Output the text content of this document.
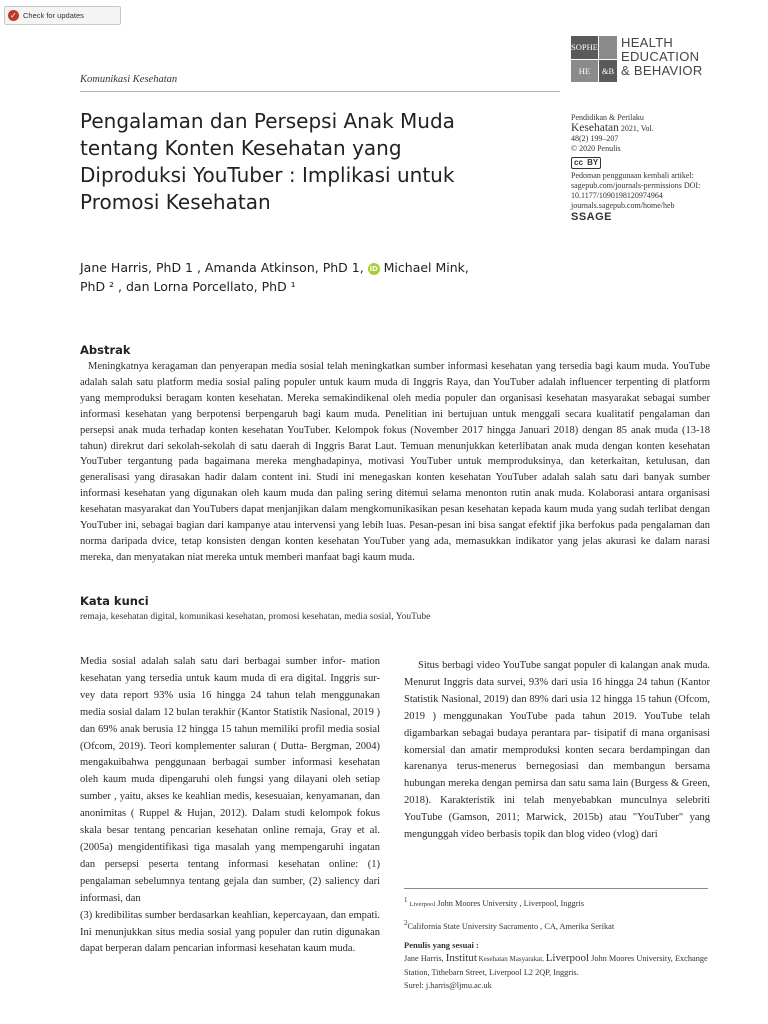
✓ Check for updates
Komunikasi Kesehatan
SOPHE
HE	&B
HEALTH
EDUCATION
& BEHAVIOR
Pengalaman dan Persepsi Anak Muda tentang Konten Kesehatan yang Diproduksi YouTuber : Implikasi untuk Promosi Kesehatan
Pendidikan & Perilaku
Kesehatan 2021, Vol.
48(2) 199–207
© 2020 Penulis
cc
BY
Pedoman penggunaan kembali artikel: sagepub.com/journals-permissions DOI: 10.1177/1090198120974964 journals.sagepub.com/home/heb
SSAGE
Jane Harris, PhD 1 , Amanda Atkinson, PhD 1, iD Michael Mink,
PhD ² , dan Lorna Porcellato, PhD ¹
Abstrak
Meningkatnya keragaman dan penyerapan media sosial telah meningkatkan sumber informasi kesehatan yang tersedia bagi kaum muda. YouTube adalah salah satu platform media sosial paling populer untuk kaum muda di Inggris Raya, dan YouTuber adalah influencer terpenting di platform yang memproduksi beragam konten kesehatan. Mereka semakindikenal oleh media populer dan organisasi kesehatan masyarakat sebagai sumber informasi kesehatan yang berpotensi berpengaruh bagi kaum muda. Penelitian ini bertujuan untuk menggali secara kualitatif pengalaman dan persepsi anak muda terhadap konten kesehatan YouTuber. Kelompok fokus (November 2017 hingga Januari 2018) dengan 85 anak muda (13-18 tahun) direkrut dari sekolah-sekolah di satu daerah di Inggris Barat Laut. Temuan menunjukkan keterlibatan anak muda dengan konten kesehatan YouTuber tergantung pada bagaimana mereka menghadapinya, motivasi YouTuber untuk memproduksinya, dan keterkaitan, ketulusan, dan generalisasi yang dirasakan hadir dalam content ini. Studi ini menegaskan konten kesehatan YouTuber adalah salah satu dari banyak sumber informasi kesehatan yang digunakan oleh kaum muda dan paling sering ditemui selama menonton rutin anak muda. Kolaborasi antara organisasi kesehatan masyarakat dan YouTubers dapat menjanjikan dalam mengkomunikasikan pesan kesehatan kepada kaum muda yang sudah terlibat dengan YouTuber ini, sebagai bagian dari kampanye atau intervensi yang lebih luas. Pesan-pesan ini bisa sangat efektif jika berfokus pada pengalaman dan norma daripada dvice, tetap konsisten dengan konten kesehatan YouTuber yang ada, memasukkan indikator yang jelas akurasi ke dalam narasi mereka, dan menyatakan niat mereka untuk memberi manfaat bagi kaum muda.
Kata kunci
remaja, kesehatan digital, komunikasi kesehatan, promosi kesehatan, media sosial, YouTube

Media sosial adalah salah satu dari berbagai sumber infor- mation kesehatan yang tersedia untuk kaum muda di era digital. Inggris sur- vey data report 93% usia 16 hingga 24 tahun telah menggunakan media sosial dalam 12 bulan terakhir (Kantor Statistik Nasional, 2019 ) dan 69% anak berusia 12 hingga 15 tahun memiliki profil media sosial (Ofcom, 2019). Teori komplementer saluran ( Dutta- Bergman, 2004) mengakuibahwa penggunaan berbagai sumber informasi kesehatan oleh kaum muda dipengaruhi oleh fungsi yang dilayani oleh setiap sumber , yaitu, akses ke keahlian medis, kesesuaian, kenyamanan, dan anonimitas ( Ruppel & Hujan, 2012). Dalam studi kelompok fokus skala besar tentang pencarian kesehatan online remaja, Gray et al. (2005a) mengidentifikasi tiga masalah yang mempengaruhi ingatan dan persepsi peserta tentang informasi kesehatan online: (1) pengalaman sebelumnya tentang gejala dan sumber, (2) saliency dari informasi, dan

(3) kredibilitas sumber berdasarkan keahlian, kepercayaan, dan empati. Ini menunjukkan situs media sosial yang populer dan rutin digunakan dapat berperan dalam pencarian informasi kesehatan kaum muda.

Situs berbagi video YouTube sangat populer di kalangan anak muda. Menurut Inggris data survei, 93% dari usia 16 hingga 24 tahun (Kantor Statistik Nasional, 2019) dan 89% dari usia 12 hingga 15 tahun (Ofcom, 2019 ) menggunakan YouTube pada tahun 2019. YouTube telah digambarkan sebagai budaya perantara par- tisipatif di mana organisasi komersial dan amatir memproduksi konten secara berdampingan dan karenanya terus-menerus bernegosiasi dan membangun bersama hubungan mereka dengan pemirsa dan satu sama lain (Burgess & Green, 2018). Karakteristik ini telah menyebabkan munculnya selebriti YouTube (Gamson, 2011; Marwick, 2015b) atau "YouTuber" yang mengunggah video berbasis topik dan blog video (vlog) dari
$^1$ Liverpool John Moores University , Liverpool, Inggris
$^2$California State University Sacramento , CA, Amerika Serikat
Penulis yang sesuai :
Jane Harris, Institut Kesehatan Masyarakat, Liverpool John Moores University, Exchange Station, Tithebarn Street, Liverpool L2 2QP, Inggris.
Surel: j.harris@ljmu.ac.uk
